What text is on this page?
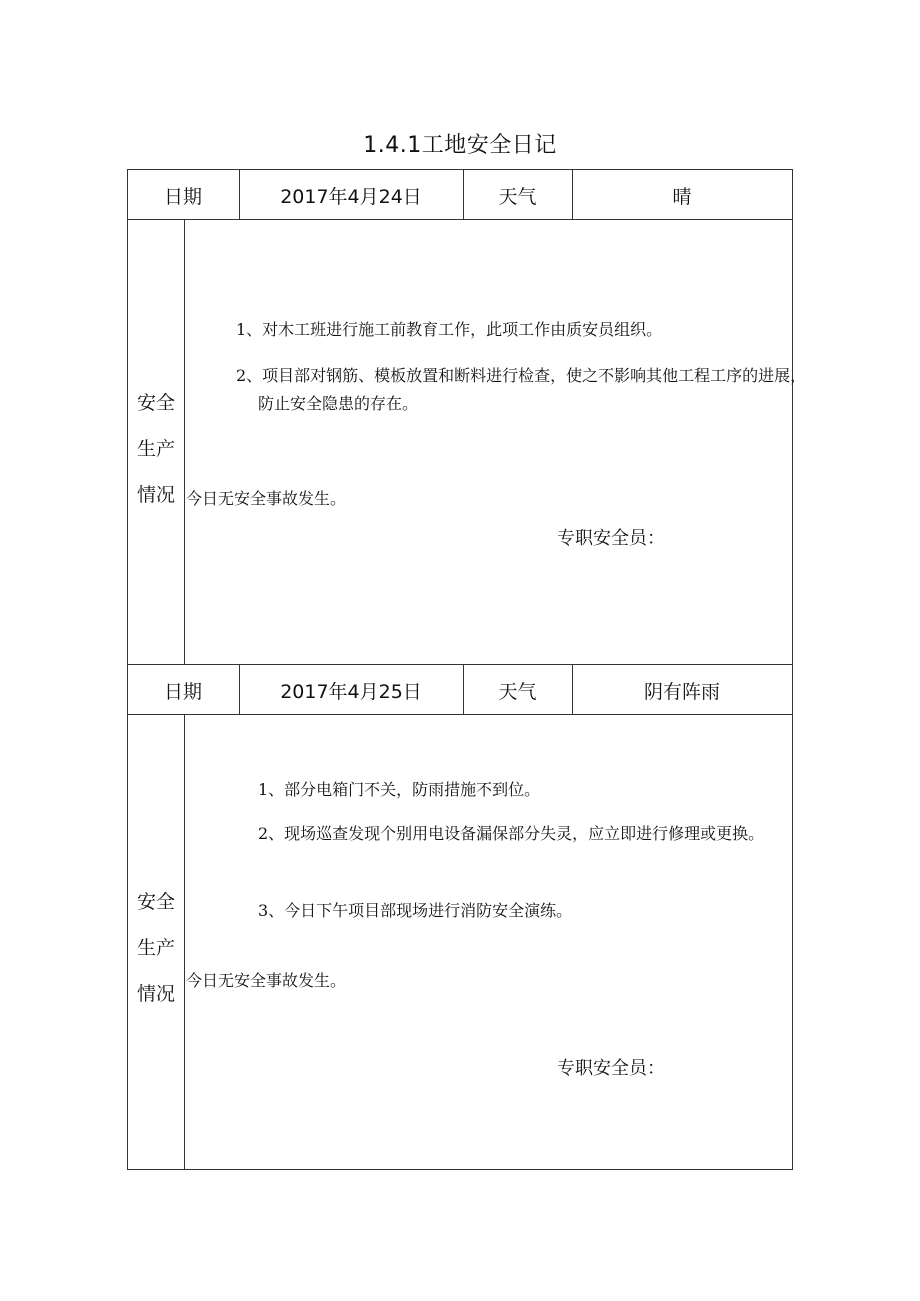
1.4.1工地安全日记
日期	2017年4月24日	天气	晴
安全
生产
情况
1、对木工班进行施工前教育工作，此项工作由质安员组织。
2、项目部对钢筋、模板放置和断料进行检查，使之不影响其他工程工序的进展，防止安全隐患的存在。
今日无安全事故发生。
专职安全员：
日期	2017年4月25日	天气	阴有阵雨
安全
生产
情况
1、部分电箱门不关，防雨措施不到位。
2、现场巡查发现个别用电设备漏保部分失灵，应立即进行修理或更换。
3、今日下午项目部现场进行消防安全演练。
今日无安全事故发生。
专职安全员：
